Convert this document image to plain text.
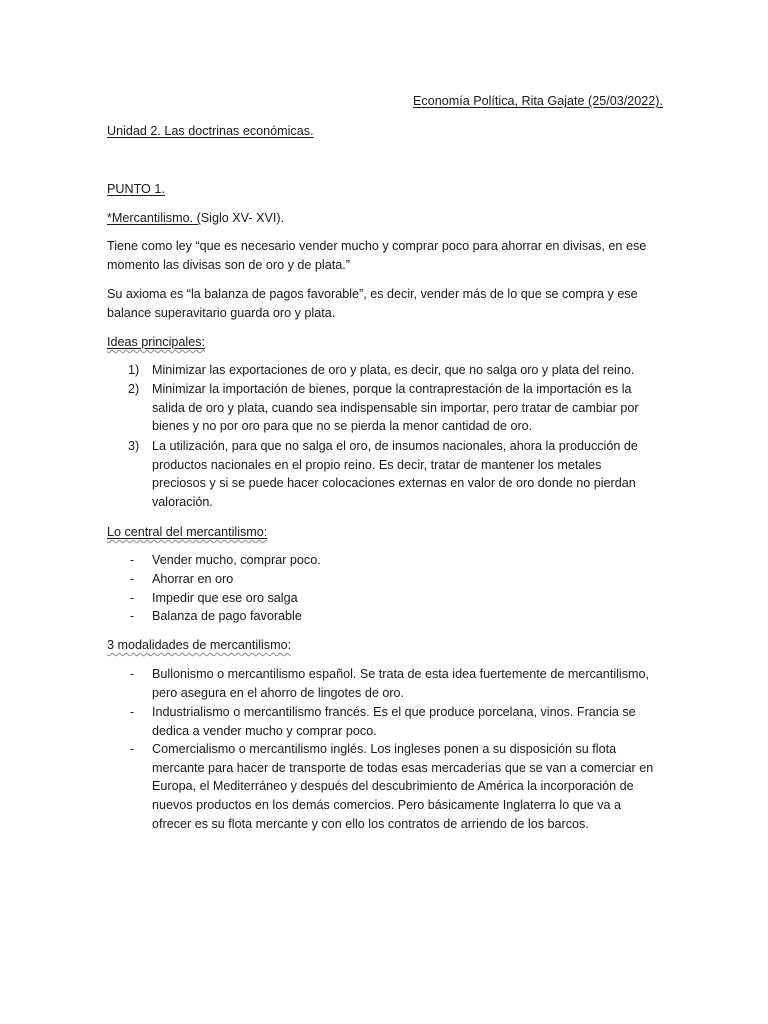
Economía Política, Rita Gajate (25/03/2022).
Unidad 2. Las doctrinas económicas.
PUNTO 1.
*Mercantilismo. (Siglo XV- XVI).
Tiene como ley “que es necesario vender mucho y comprar poco para ahorrar en divisas, en ese
momento las divisas son de oro y de plata.”
Su axioma es “la balanza de pagos favorable”, es decir, vender más de lo que se compra y ese
balance superavitario guarda oro y plata.
Ideas principales:
1) Minimizar las exportaciones de oro y plata, es decir, que no salga oro y plata del reino.
2) Minimizar la importación de bienes, porque la contraprestación de la importación es la
salida de oro y plata, cuando sea indispensable sin importar, pero tratar de cambiar por
bienes y no por oro para que no se pierda la menor cantidad de oro.
3) La utilización, para que no salga el oro, de insumos nacionales, ahora la producción de
productos nacionales en el propio reino. Es decir, tratar de mantener los metales
preciosos y si se puede hacer colocaciones externas en valor de oro donde no pierdan
valoración.
Lo central del mercantilismo:
- Vender mucho, comprar poco.
- Ahorrar en oro
- Impedir que ese oro salga
- Balanza de pago favorable
3 modalidades de mercantilismo:
- Bullonismo o mercantilismo español. Se trata de esta idea fuertemente de mercantilismo,
pero asegura en el ahorro de lingotes de oro.
- Industrialismo o mercantilismo francés. Es el que produce porcelana, vinos. Francia se
dedica a vender mucho y comprar poco.
- Comercialismo o mercantilismo inglés. Los ingleses ponen a su disposición su flota
mercante para hacer de transporte de todas esas mercaderías que se van a comerciar en
Europa, el Mediterráneo y después del descubrimiento de América la incorporación de
nuevos productos en los demás comercios. Pero básicamente Inglaterra lo que va a
ofrecer es su flota mercante y con ello los contratos de arriendo de los barcos.
